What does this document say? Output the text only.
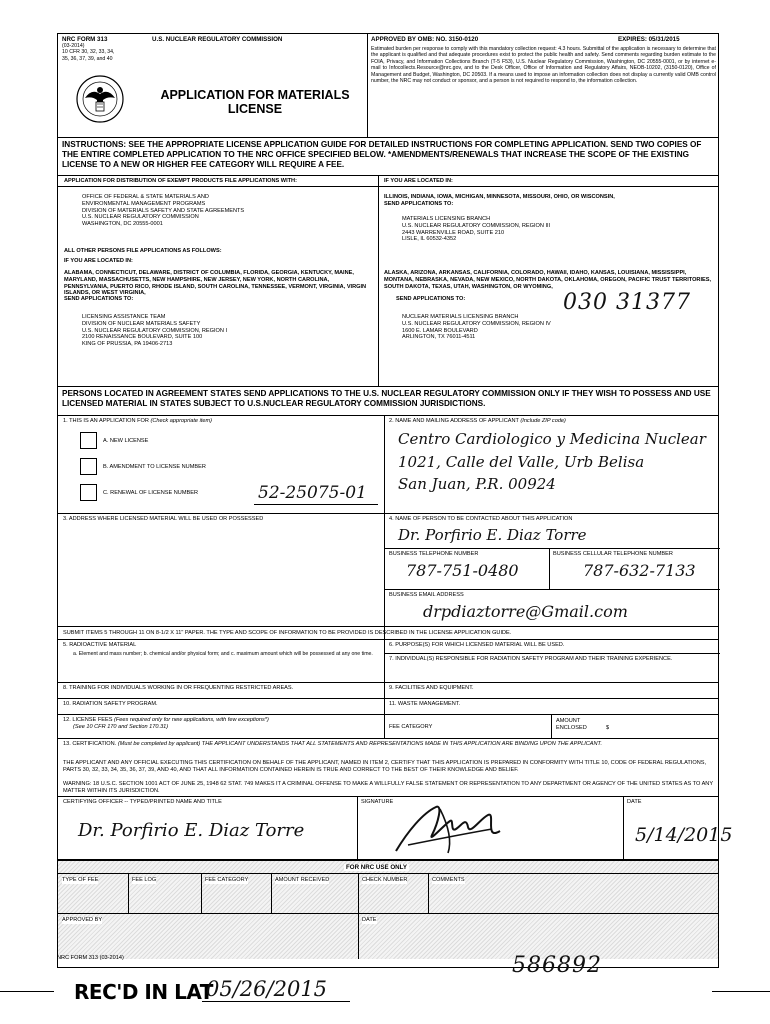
NRC FORM 313
(03-2014)
10 CFR 30, 32, 33, 34,
35, 36, 37, 39, and 40
U.S. NUCLEAR REGULATORY COMMISSION
APPLICATION FOR MATERIALS
LICENSE
APPROVED BY OMB: NO. 3150-0120	EXPIRES: 05/31/2015
Estimated burden per response to comply with this mandatory collection request: 4.3 hours. Submittal of the application is necessary to determine that the applicant is qualified and that adequate procedures exist to protect the public health and safety. Send comments regarding burden estimate to the FOIA, Privacy, and Information Collections Branch (T-5 F53), U.S. Nuclear Regulatory Commission, Washington, DC 20555-0001, or by internet e-mail to Infocollects.Resource@nrc.gov, and to the Desk Officer, Office of Information and Regulatory Affairs, NEOB-10202, (3150-0120), Office of Management and Budget, Washington, DC 20503. If a means used to impose an information collection does not display a currently valid OMB control number, the NRC may not conduct or sponsor, and a person is not required to respond to, the information collection.
INSTRUCTIONS: SEE THE APPROPRIATE LICENSE APPLICATION GUIDE FOR DETAILED INSTRUCTIONS FOR COMPLETING APPLICATION. SEND TWO COPIES OF THE ENTIRE COMPLETED APPLICATION TO THE NRC OFFICE SPECIFIED BELOW. *AMENDMENTS/RENEWALS THAT INCREASE THE SCOPE OF THE EXISTING LICENSE TO A NEW OR HIGHER FEE CATEGORY WILL REQUIRE A FEE.
APPLICATION FOR DISTRIBUTION OF EXEMPT PRODUCTS FILE APPLICATIONS WITH:
OFFICE OF FEDERAL & STATE MATERIALS AND
ENVIRONMENTAL MANAGEMENT PROGRAMS
DIVISION OF MATERIALS SAFETY AND STATE AGREEMENTS
U.S. NUCLEAR REGULATORY COMMISSION
WASHINGTON, DC 20555-0001
ALL OTHER PERSONS FILE APPLICATIONS AS FOLLOWS:
IF YOU ARE LOCATED IN:
ALABAMA, CONNECTICUT, DELAWARE, DISTRICT OF COLUMBIA, FLORIDA, GEORGIA, KENTUCKY, MAINE, MARYLAND, MASSACHUSETTS, NEW HAMPSHIRE, NEW JERSEY, NEW YORK, NORTH CAROLINA, PENNSYLVANIA, PUERTO RICO, RHODE ISLAND, SOUTH CAROLINA, TENNESSEE, VERMONT, VIRGINIA, VIRGIN ISLANDS, OR WEST VIRGINIA,
SEND APPLICATIONS TO:
LICENSING ASSISTANCE TEAM
DIVISION OF NUCLEAR MATERIALS SAFETY
U.S. NUCLEAR REGULATORY COMMISSION, REGION I
2100 RENAISSANCE BOULEVARD, SUITE 100
KING OF PRUSSIA, PA 19406-2713
IF YOU ARE LOCATED IN:
ILLINOIS, INDIANA, IOWA, MICHIGAN, MINNESOTA, MISSOURI, OHIO, OR WISCONSIN,
SEND APPLICATIONS TO:
MATERIALS LICENSING BRANCH
U.S. NUCLEAR REGULATORY COMMISSION, REGION III
2443 WARRENVILLE ROAD, SUITE 210
LISLE, IL 60532-4352
ALASKA, ARIZONA, ARKANSAS, CALIFORNIA, COLORADO, HAWAII, IDAHO, KANSAS, LOUISIANA, MISSISSIPPI, MONTANA, NEBRASKA, NEVADA, NEW MEXICO, NORTH DAKOTA, OKLAHOMA, OREGON, PACIFIC TRUST TERRITORIES, SOUTH DAKOTA, TEXAS, UTAH, WASHINGTON, OR WYOMING,
SEND APPLICATIONS TO:	030 31377
NUCLEAR MATERIALS LICENSING BRANCH
U.S. NUCLEAR REGULATORY COMMISSION, REGION IV
1600 E. LAMAR BOULEVARD
ARLINGTON, TX 76011-4511
PERSONS LOCATED IN AGREEMENT STATES SEND APPLICATIONS TO THE U.S. NUCLEAR REGULATORY COMMISSION ONLY IF THEY WISH TO POSSESS AND USE LICENSED MATERIAL IN STATES SUBJECT TO U.S.NUCLEAR REGULATORY COMMISSION JURISDICTIONS.
1. THIS IS AN APPLICATION FOR (Check appropriate item)
A. NEW LICENSE
B. AMENDMENT TO LICENSE NUMBER
C. RENEWAL OF LICENSE NUMBER	52-25075-01
2. NAME AND MAILING ADDRESS OF APPLICANT (Include ZIP code)
Centro Cardiologico y Medicina Nuclear
1021, Calle del Valle, Urb Belisa
San Juan, P.R. 00924
3. ADDRESS WHERE LICENSED MATERIAL WILL BE USED OR POSSESSED	4. NAME OF PERSON TO BE CONTACTED ABOUT THIS APPLICATION
Dr. Porfirio E. Diaz Torre
BUSINESS TELEPHONE NUMBER	BUSINESS CELLULAR TELEPHONE NUMBER
787-751-0480	787-632-7133
BUSINESS EMAIL ADDRESS
drpdiaztorre@Gmail.com
SUBMIT ITEMS 5 THROUGH 11 ON 8-1/2 X 11" PAPER. THE TYPE AND SCOPE OF INFORMATION TO BE PROVIDED IS DESCRIBED IN THE LICENSE APPLICATION GUIDE.
5. RADIOACTIVE MATERIAL
a. Element and mass number; b. chemical and/or physical form; and c. maximum amount which will be possessed at any one time.
6. PURPOSE(S) FOR WHICH LICENSED MATERIAL WILL BE USED.
7. INDIVIDUAL(S) RESPONSIBLE FOR RADIATION SAFETY PROGRAM AND THEIR TRAINING EXPERIENCE.
8. TRAINING FOR INDIVIDUALS WORKING IN OR FREQUENTING RESTRICTED AREAS.	9. FACILITIES AND EQUIPMENT.
10. RADIATION SAFETY PROGRAM.	11. WASTE MANAGEMENT.
12. LICENSE FEES (Fees required only for new applications, with few exceptions*)
(See 10 CFR 170 and Section 170.31)	FEE CATEGORY
AMOUNT
ENCLOSED	$
13. CERTIFICATION. (Must be completed by applicant) THE APPLICANT UNDERSTANDS THAT ALL STATEMENTS AND REPRESENTATIONS MADE IN THIS APPLICATION ARE BINDING UPON THE APPLICANT.
THE APPLICANT AND ANY OFFICIAL EXECUTING THIS CERTIFICATION ON BEHALF OF THE APPLICANT, NAMED IN ITEM 2, CERTIFY THAT THIS APPLICATION IS PREPARED IN CONFORMITY WITH TITLE 10, CODE OF FEDERAL REGULATIONS, PARTS 30, 32, 33, 34, 35, 36, 37, 39, AND 40, AND THAT ALL INFORMATION CONTAINED HEREIN IS TRUE AND CORRECT TO THE BEST OF THEIR KNOWLEDGE AND BELIEF.
WARNING: 18 U.S.C. SECTION 1001 ACT OF JUNE 25, 1948 62 STAT. 749 MAKES IT A CRIMINAL OFFENSE TO MAKE A WILLFULLY FALSE STATEMENT OR REPRESENTATION TO ANY DEPARTMENT OR AGENCY OF THE UNITED STATES AS TO ANY MATTER WITHIN ITS JURISDICTION.
CERTIFYING OFFICER -- TYPED/PRINTED NAME AND TITLE
Dr. Porfirio E. Diaz Torre
SIGNATURE	DATE
5/14/2015
FOR NRC USE ONLY
TYPE OF FEE	FEE LOG	FEE CATEGORY	AMOUNT RECEIVED	CHECK NUMBER	COMMENTS
APPROVED BY	DATE
NRC FORM 313 (03-2014)	586892
REC'D IN LAT
05/26/2015
